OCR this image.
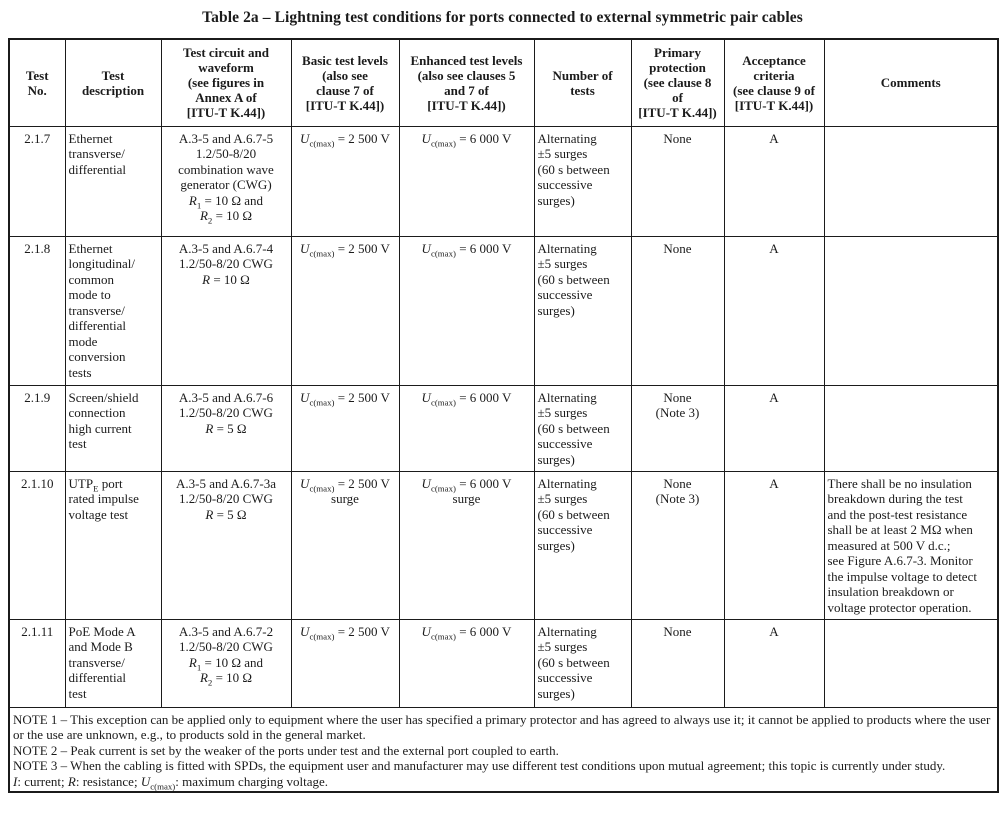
Table 2a – Lightning test conditions for ports connected to external symmetric pair cables
Test
No.	Test
description	Test circuit and
waveform
(see figures in
Annex A of
[ITU-T K.44])	Basic test levels
(also see
clause 7 of
[ITU-T K.44])	Enhanced test levels
(also see clauses 5
and 7 of
[ITU-T K.44])	Number of
tests	Primary
protection
(see clause 8
of
[ITU-T K.44])	Acceptance
criteria
(see clause 9 of
[ITU-T K.44])	Comments
2.1.7	Ethernet
transverse/
differential	A.3-5 and A.6.7-5
1.2/50-8/20
combination wave
generator (CWG)
$R_1 = 10$ Ω and
$R_2 = 10$ Ω	$U_{c(max)} = 2$ 500 V	$U_{c(max)} = 6$ 000 V	Alternating
±5 surges
(60 s between
successive
surges)	None	A	
2.1.8	Ethernet
longitudinal/
common
mode to
transverse/
differential
mode
conversion
tests	A.3-5 and A.6.7-4
1.2/50-8/20 CWG
R = 10 Ω	$U_{c(max)} = 2$ 500 V	$U_{c(max)} = 6$ 000 V	Alternating
±5 surges
(60 s between
successive
surges)	None	A	
2.1.9	Screen/shield
connection
high current
test	A.3-5 and A.6.7-6
1.2/50-8/20 CWG
R = 5 Ω	$U_{c(max)} = 2$ 500 V	$U_{c(max)} = 6$ 000 V	Alternating
±5 surges
(60 s between
successive
surges)	None
(Note 3)	A	
2.1.10	$UTP_E$ port
rated impulse
voltage test	A.3-5 and A.6.7-3a
1.2/50-8/20 CWG
R = 5 Ω	$U_{c(max)} = 2$ 500 V
surge	$U_{c(max)} = 6$ 000 V
surge	Alternating
±5 surges
(60 s between
successive
surges)	None
(Note 3)	A	There shall be no insulation
breakdown during the test
and the post-test resistance
shall be at least 2 MΩ when
measured at 500 V d.c.;
see Figure A.6.7-3. Monitor
the impulse voltage to detect
insulation breakdown or
voltage protector operation.
2.1.11	PoE Mode A
and Mode B
transverse/
differential
test	A.3-5 and A.6.7-2
1.2/50-8/20 CWG
$R_1 = 10$ Ω and
$R_2 = 10$ Ω	$U_{c(max)} = 2$ 500 V	$U_{c(max)} = 6$ 000 V	Alternating
±5 surges
(60 s between
successive
surges)	None	A	

NOTE 1 – This exception can be applied only to equipment where the user has specified a primary protector and has agreed to always use it; it cannot be applied to products where the user or the use are unknown, e.g., to products sold in the general market.
NOTE 2 – Peak current is set by the weaker of the ports under test and the external port coupled to earth.
NOTE 3 – When the cabling is fitted with SPDs, the equipment user and manufacturer may use different test conditions upon mutual agreement; this topic is currently under study.
I: current; R: resistance; $U_{c(max)}$: maximum charging voltage.								
